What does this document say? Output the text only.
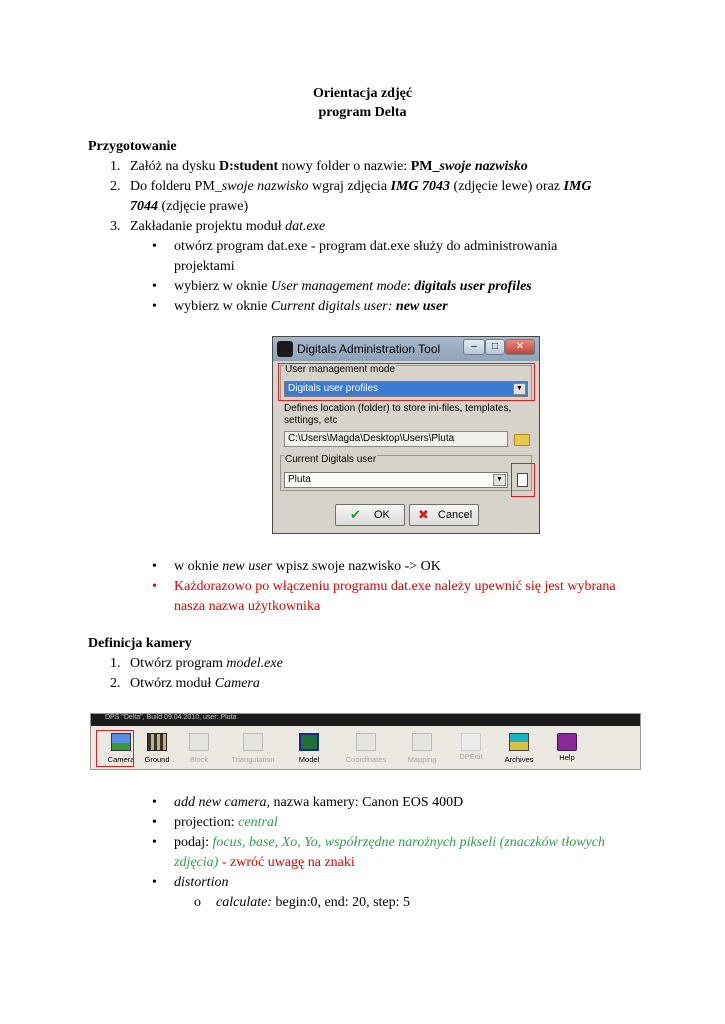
Orientacja zdjęć
program Delta
Przygotowanie
1. Załóż na dysku D:student nowy folder o nazwie: PM_swoje nazwisko
2. Do folderu PM_swoje nazwisko wgraj zdjęcia IMG 7043 (zdjęcie lewe) oraz IMG
7044 (zdjęcie prawe)
3. Zakładanie projektu moduł dat.exe
• otwórz program dat.exe - program dat.exe służy do administrowania
projektami
• wybierz w oknie User management mode: digitals user profiles
• wybierz w oknie Current digitals user: new user
Digitals Administration Tool	–	□	✕
User management mode
Digitals user profiles	▼
Defines location (folder) to store ini-files, templates,
settings, etc
C:\Users\Magda\Desktop\Users\Pluta
Current Digitals user
Pluta	▼
✔ OK ✖ Cancel
• w oknie new user wpisz swoje nazwisko -> OK
• Każdorazowo po włączeniu programu dat.exe należy upewnić się jest wybrana
nasza nazwa użytkownika
Definicja kamery
1. Otwórz program model.exe
2. Otwórz moduł Camera
DPS "Delta", Build 09.04.2010, user: Pluta
Camera	Ground	Block	Triangulation	Model	Coordinates	Mapping	DPEdit	Archives	Help
• add new camera, nazwa kamery: Canon EOS 400D
• projection: central
• podaj: focus, base, Xo, Yo, współrzędne narożnych pikseli (znaczków tłowych
zdjęcia) - zwróć uwagę na znaki
• distortion
o calculate: begin:0, end: 20, step: 5
